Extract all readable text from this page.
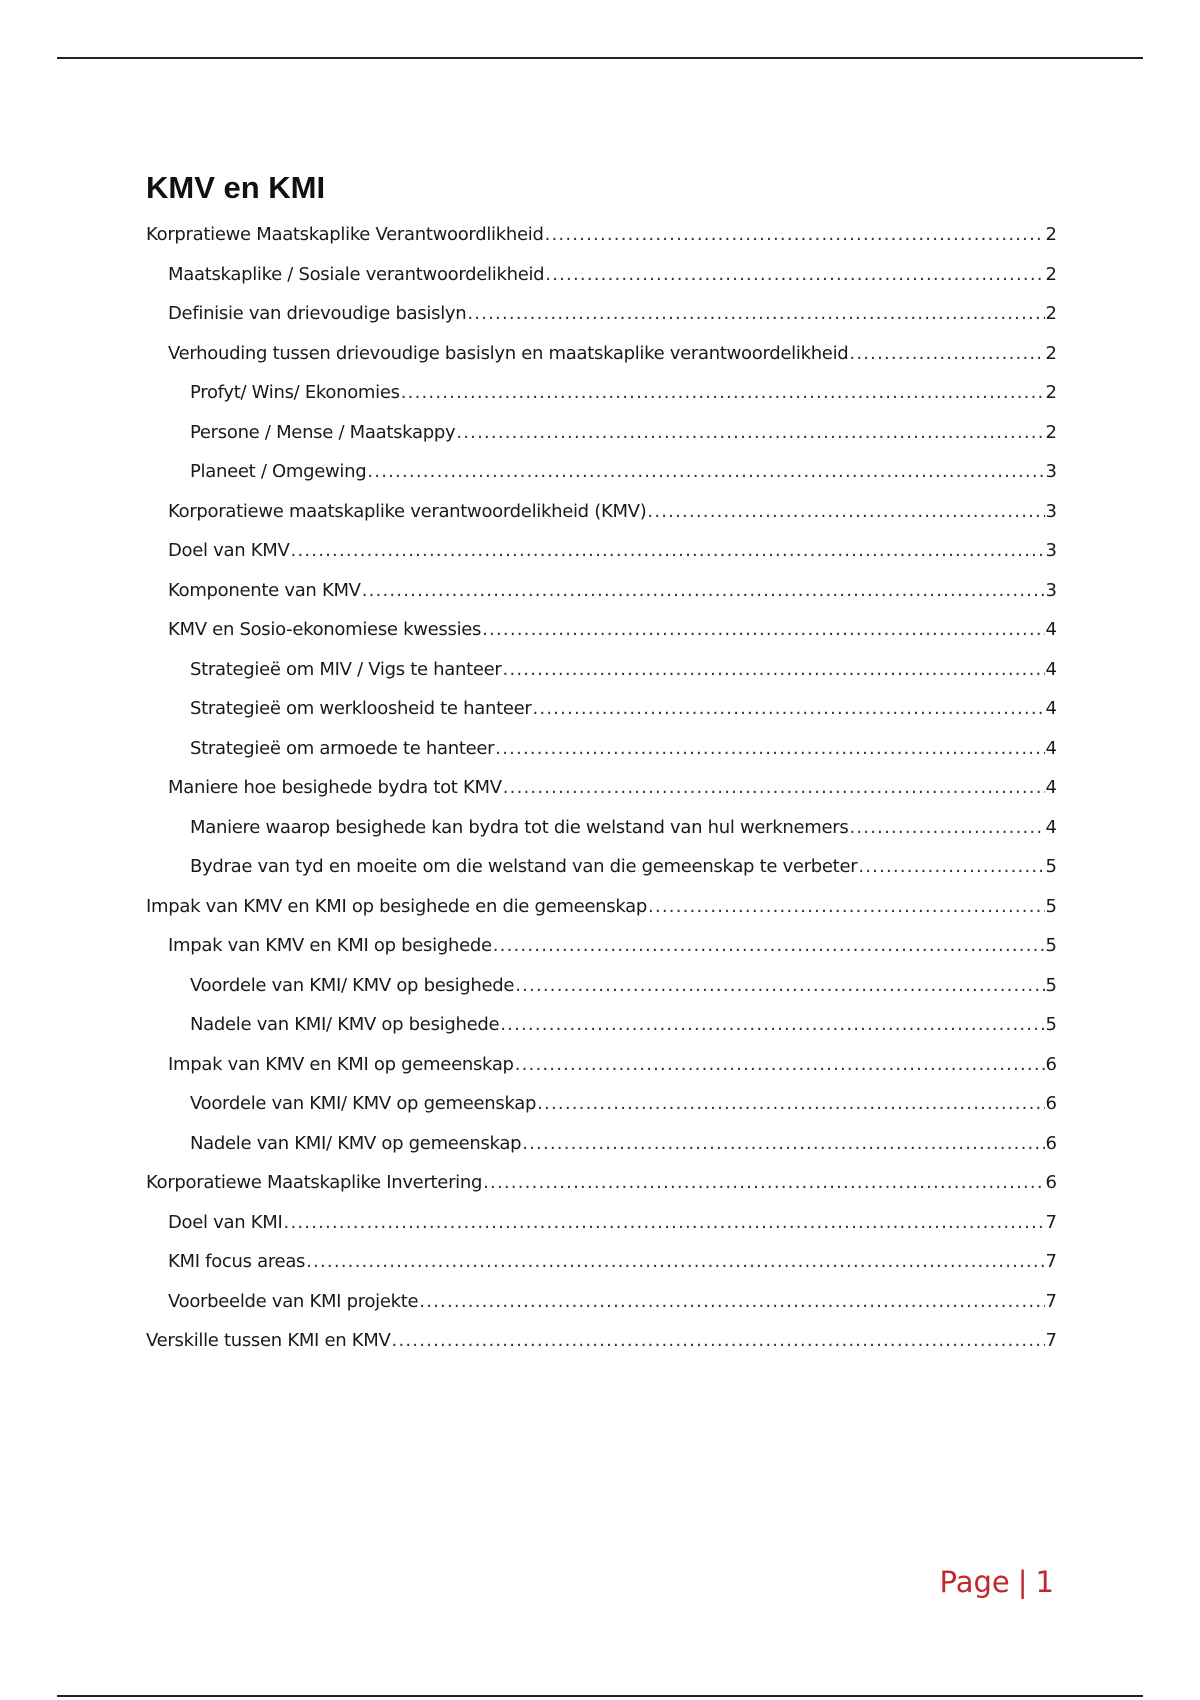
KMV en KMI
Korpratiewe Maatskaplike Verantwoordlikheid .....	2
Maatskaplike / Sosiale verantwoordelikheid .....	2
Definisie van drievoudige basislyn .....	2
Verhouding tussen drievoudige basislyn en maatskaplike verantwoordelikheid .....	2
Profyt/ Wins/ Ekonomies .....	2
Persone / Mense / Maatskappy .....	2
Planeet / Omgewing .....	3
Korporatiewe maatskaplike verantwoordelikheid (KMV) .....	3
Doel van KMV .....	3
Komponente van KMV .....	3
KMV en Sosio-ekonomiese kwessies .....	4
Strategieë om MIV / Vigs te hanteer .....	4
Strategieë om werkloosheid te hanteer .....	4
Strategieë om armoede te hanteer .....	4
Maniere hoe besighede bydra tot KMV .....	4
Maniere waarop besighede kan bydra tot die welstand van hul werknemers .....	4
Bydrae van tyd en moeite om die welstand van die gemeenskap te verbeter .....	5
Impak van KMV en KMI op besighede en die gemeenskap .....	5
Impak van KMV en KMI op besighede .....	5
Voordele van KMI/ KMV op besighede .....	5
Nadele van KMI/ KMV op besighede .....	5
Impak van KMV en KMI op gemeenskap .....	6
Voordele van KMI/ KMV op gemeenskap .....	6
Nadele van KMI/ KMV op gemeenskap .....	6
Korporatiewe Maatskaplike Invertering .....	6
Doel van KMI .....	7
KMI focus areas .....	7
Voorbeelde van KMI projekte .....	7
Verskille tussen KMI en KMV .....	7
Page | 1
